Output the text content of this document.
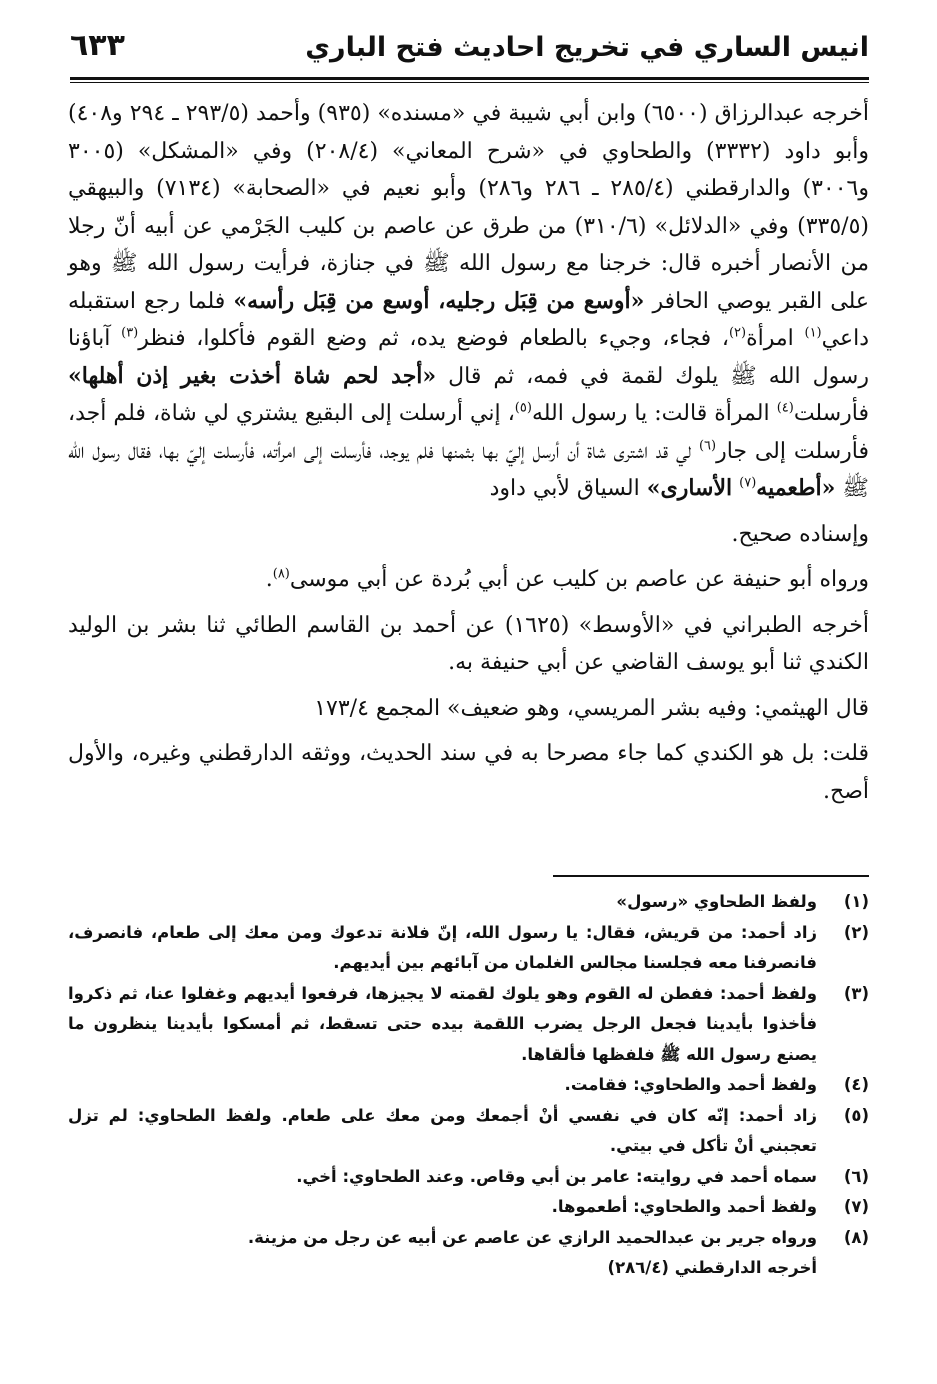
انيس الساري في تخريج احاديث فتح الباري
٦٣٣

أخرجه عبدالرزاق (٦٥٠٠) وابن أبي شيبة في «مسنده» (٩٣٥) وأحمد (٢٩٣/٥ ـ ٢٩٤ و٤٠٨) وأبو داود (٣٣٣٢) والطحاوي في «شرح المعاني» (٢٠٨/٤) وفي «المشكل» (٣٠٠٥ و٣٠٠٦) والدارقطني (٢٨٥/٤ ـ ٢٨٦ و٢٨٦) وأبو نعيم في «الصحابة» (٧١٣٤) والبيهقي (٣٣٥/٥) وفي «الدلائل» (٣١٠/٦) من طرق عن عاصم بن كليب الجَرْمي عن أبيه أنّ رجلا من الأنصار أخبره قال: خرجنا مع رسول الله ﷺ في جنازة، فرأيت رسول الله ﷺ وهو على القبر يوصي الحافر «أوسع من قِبَل رجليه، أوسع من قِبَل رأسه» فلما رجع استقبله داعي$^{(١)}$ امرأة$^{(٢)}$، فجاء، وجيء بالطعام فوضع يده، ثم وضع القوم فأكلوا، فنظر$^{(٣)}$ آباؤنا رسول الله ﷺ يلوك لقمة في فمه، ثم قال «أجد لحم شاة أخذت بغير إذن أهلها» فأرسلت$^{(٤)}$ المرأة قالت: يا رسول الله$^{(٥)}$، إني أرسلت إلى البقيع يشتري لي شاة، فلم أجد، فأرسلت إلى جار$^{(٦)}$ لي قد اشترى شاة أن أرسل إليّ بها بثمنها فلم يوجد، فأرسلت إلى امرأته، فأرسلت إليّ بها، فقال رسول الله ﷺ «أطعميه$^{(٧)}$ الأسارى» السياق لأبي داود

وإسناده صحيح.

ورواه أبو حنيفة عن عاصم بن كليب عن أبي بُردة عن أبي موسى$^{(٨)}$.

أخرجه الطبراني في «الأوسط» (١٦٢٥) عن أحمد بن القاسم الطائي ثنا بشر بن الوليد الكندي ثنا أبو يوسف القاضي عن أبي حنيفة به.

قال الهيثمي: وفيه بشر المريسي، وهو ضعيف» المجمع ١٧٣/٤

قلت: بل هو الكندي كما جاء مصرحا به في سند الحديث، ووثقه الدارقطني وغيره، والأول أصح.

(١)
ولفظ الطحاوي «رسول»

(٢)
زاد أحمد: من قريش، فقال: يا رسول الله، إنّ فلانة تدعوك ومن معك إلى طعام، فانصرف، فانصرفنا معه فجلسنا مجالس الغلمان من آبائهم بين أيديهم.

(٣)
ولفظ أحمد: ففطن له القوم وهو يلوك لقمته لا يجيزها، فرفعوا أيديهم وغفلوا عنا، ثم ذكروا فأخذوا بأيدينا فجعل الرجل يضرب اللقمة بيده حتى تسقط، ثم أمسكوا بأيدينا ينظرون ما يصنع رسول الله ﷺ فلفظها فألقاها.

(٤)
ولفظ أحمد والطحاوي: فقامت.

(٥)
زاد أحمد: إنّه كان في نفسي أنْ أجمعك ومن معك على طعام. ولفظ الطحاوي: لم تزل تعجبني أنْ تأكل في بيتي.

(٦)
سماه أحمد في روايته: عامر بن أبي وقاص. وعند الطحاوي: أخي.

(٧)
ولفظ أحمد والطحاوي: أطعموها.

(٨)
ورواه جرير بن عبدالحميد الرازي عن عاصم عن أبيه عن رجل من مزينة.

أخرجه الدارقطني (٢٨٦/٤)
